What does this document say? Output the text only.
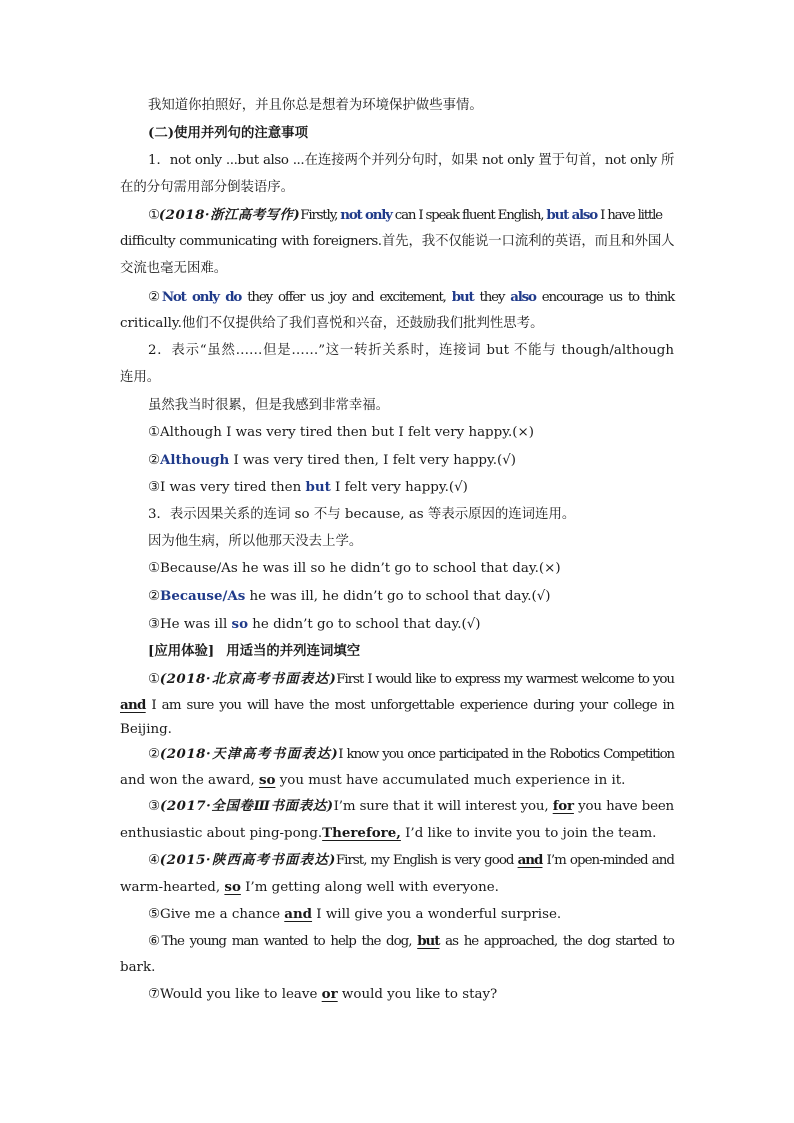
我知道你拍照好，并且你总是想着为环境保护做些事情。
(二)使用并列句的注意事项
1．not only ...but also ...在连接两个并列分句时，如果 not only 置于句首，not only 所
在的分句需用部分倒装语序。
①(2018·浙江高考写作)Firstly, not only can I speak fluent English, but also I have little
difficulty communicating with foreigners.首先，我不仅能说一口流利的英语，而且和外国人
交流也毫无困难。
②Not only do they offer us joy and excitement, but they also encourage us to think
critically.他们不仅提供给了我们喜悦和兴奋，还鼓励我们批判性思考。
2．表示“虽然……但是……”这一转折关系时，连接词 but 不能与 though/although
连用。
虽然我当时很累，但是我感到非常幸福。
①Although I was very tired then but I felt very happy.(×)
②Although I was very tired then, I felt very happy.(√)
③I was very tired then but I felt very happy.(√)
3．表示因果关系的连词 so 不与 because, as 等表示原因的连词连用。
因为他生病，所以他那天没去上学。
①Because/As he was ill so he didn’t go to school that day.(×)
②Because/As he was ill, he didn’t go to school that day.(√)
③He was ill so he didn’t go to school that day.(√)
[应用体验] 用适当的并列连词填空
①(2018·北京高考书面表达)First I would like to express my warmest welcome to you
and I am sure you will have the most unforgettable experience during your college in
Beijing.
②(2018·天津高考书面表达)I know you once participated in the Robotics Competition
and won the award, so you must have accumulated much experience in it.
③(2017·全国卷Ⅲ书面表达)I’m sure that it will interest you, for you have been
enthusiastic about ping-pong.Therefore, I’d like to invite you to join the team.
④(2015·陕西高考书面表达)First, my English is very good and I’m open-minded and
warm-hearted, so I’m getting along well with everyone.
⑤Give me a chance and I will give you a wonderful surprise.
⑥The young man wanted to help the dog, but as he approached, the dog started to
bark.
⑦Would you like to leave or would you like to stay?
